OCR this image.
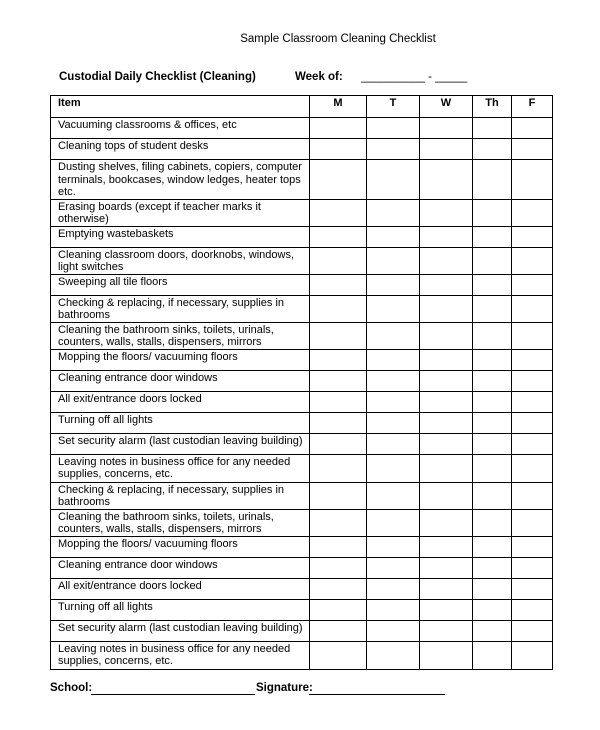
Sample Classroom Cleaning Checklist
Custodial Daily Checklist (Cleaning)	Week of: __________ - _____
Item	M	T	W	Th	F
Vacuuming classrooms & offices, etc					
Cleaning tops of student desks					
Dusting shelves, filing cabinets, copiers, computer terminals, bookcases, window ledges, heater tops etc.					
Erasing boards (except if teacher marks it otherwise)					
Emptying wastebaskets					
Cleaning classroom doors, doorknobs, windows, light switches					
Sweeping all tile floors					
Checking & replacing, if necessary, supplies in bathrooms					
Cleaning the bathroom sinks, toilets, urinals, counters, walls, stalls, dispensers, mirrors					
Mopping the floors/ vacuuming floors					
Cleaning entrance door windows					
All exit/entrance doors locked					
Turning off all lights					
Set security alarm (last custodian leaving building)					
Leaving notes in business office for any needed supplies, concerns, etc.					
Checking & replacing, if necessary, supplies in bathrooms					
Cleaning the bathroom sinks, toilets, urinals, counters, walls, stalls, dispensers, mirrors					
Mopping the floors/ vacuuming floors					
Cleaning entrance door windows					
All exit/entrance doors locked					
Turning off all lights					
Set security alarm (last custodian leaving building)					
Leaving notes in business office for any needed supplies, concerns, etc.					
School:	Signature:
